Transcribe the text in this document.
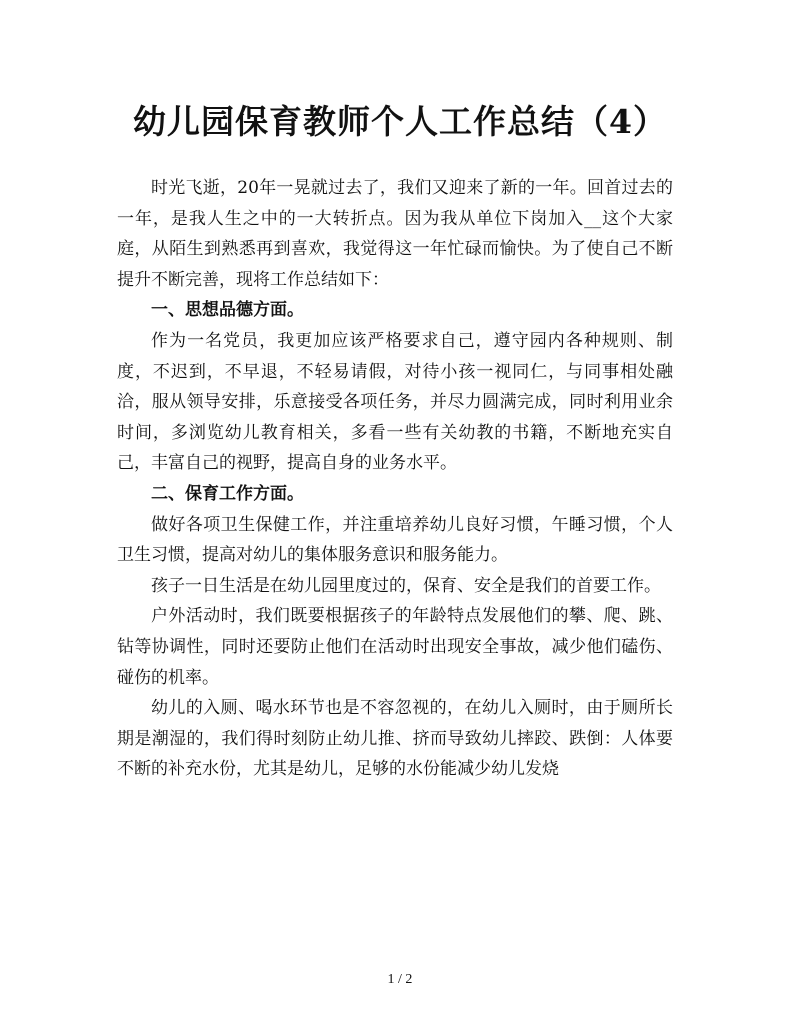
幼儿园保育教师个人工作总结（4）

时光飞逝，20年一晃就过去了，我们又迎来了新的一年。回首过去的一年，是我人生之中的一大转折点。因为我从单位下岗加入__这个大家庭，从陌生到熟悉再到喜欢，我觉得这一年忙碌而愉快。为了使自己不断提升不断完善，现将工作总结如下：

一、思想品德方面。

作为一名党员，我更加应该严格要求自己，遵守园内各种规则、制度，不迟到，不早退，不轻易请假，对待小孩一视同仁，与同事相处融洽，服从领导安排，乐意接受各项任务，并尽力圆满完成，同时利用业余时间，多浏览幼儿教育相关，多看一些有关幼教的书籍，不断地充实自己，丰富自己的视野，提高自身的业务水平。

二、保育工作方面。

做好各项卫生保健工作，并注重培养幼儿良好习惯，午睡习惯，个人卫生习惯，提高对幼儿的集体服务意识和服务能力。

孩子一日生活是在幼儿园里度过的，保育、安全是我们的首要工作。

户外活动时，我们既要根据孩子的年龄特点发展他们的攀、爬、跳、钻等协调性，同时还要防止他们在活动时出现安全事故，减少他们磕伤、碰伤的机率。

幼儿的入厕、喝水环节也是不容忽视的，在幼儿入厕时，由于厕所长期是潮湿的，我们得时刻防止幼儿推、挤而导致幼儿摔跤、跌倒：人体要不断的补充水份，尤其是幼儿，足够的水份能减少幼儿发烧

1 / 2
